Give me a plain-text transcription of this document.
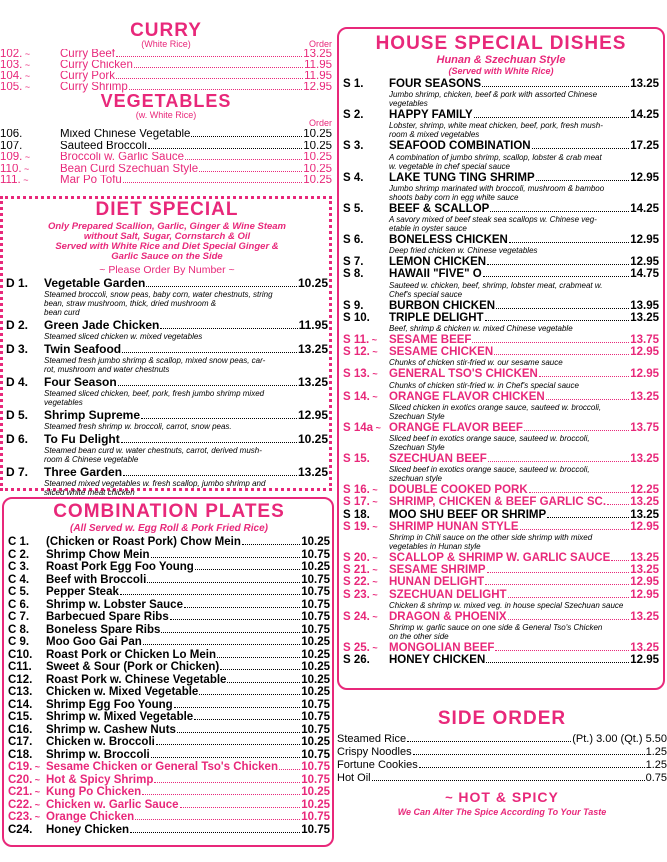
CURRY
(White Rice)	Order
102. ~	Curry Beef	13.25
103. ~	Curry Chicken	11.95
104. ~	Curry Pork	11.95
105. ~	Curry Shrimp	12.95
VEGETABLES
(w. White Rice)
Order
106.	Mixed Chinese Vegetable	10.25
107.	Sauteed Broccoli	10.25
109. ~	Broccoli w. Garlic Sauce	10.25
110. ~	Bean Curd Szechuan Style	10.25
111. ~	Mar Po Tofu	10.25
DIET SPECIAL
Only Prepared Scallion, Garlic, Ginger & Wine Steam
without Salt, Sugar, Cornstarch & Oil
Served with White Rice and Diet Special Ginger &
Garlic Sauce on the Side
~ Please Order By Number ~
D 1.	Vegetable Garden	10.25
Steamed broccoli, snow peas, baby corn, water chestnuts, string
bean, straw mushroom, thick, dried mushroom &
bean curd
D 2.	Green Jade Chicken	11.95
Steamed sliced chicken w. mixed vegetables
D 3.	Twin Seafood	13.25
Steamed fresh jumbo shrimp & scallop, mixed snow peas, car-
rot, mushroom and water chestnuts
D 4.	Four Season	13.25
Steamed sliced chicken, beef, pork, fresh jumbo shrimp mixed
vegetables
D 5.	Shrimp Supreme	12.95
Steamed fresh shrimp w. broccoli, carrot, snow peas.
D 6.	To Fu Delight	10.25
Steamed bean curd w. water chestnuts, carrot, derived mush-
room & Chinese vegetable
D 7.	Three Garden	13.25
Steamed mixed vegetables w. fresh scallop, jumbo shrimp and
sliced white meat chicken
COMBINATION PLATES
(All Served w. Egg Roll & Pork Fried Rice)
C 1.	(Chicken or Roast Pork) Chow Mein	10.25
C 2.	Shrimp Chow Mein	10.75
C 3.	Roast Pork Egg Foo Young	10.25
C 4.	Beef with Broccoli	10.75
C 5.	Pepper Steak	10.75
C 6.	Shrimp w. Lobster Sauce	10.75
C 7.	Barbecued Spare Ribs	10.75
C 8.	Boneless Spare Ribs	10.75
C 9.	Moo Goo Gai Pan	10.25
C10.	Roast Pork or Chicken Lo Mein	10.25
C11.	Sweet & Sour (Pork or Chicken)	10.25
C12.	Roast Pork w. Chinese Vegetable	10.25
C13.	Chicken w. Mixed Vegetable	10.25
C14.	Shrimp Egg Foo Young	10.75
C15.	Shrimp w. Mixed Vegetable	10.75
C16.	Shrimp w. Cashew Nuts	10.75
C17.	Chicken w. Broccoli	10.25
C18.	Shrimp w. Broccoli	10.75
C19. ~ Sesame Chicken or General Tso's Chicken 10.75
C20. ~ Hot & Spicy Shrimp	10.75
C21. ~ Kung Po Chicken	10.25
C22. ~ Chicken w. Garlic Sauce	10.25
C23. ~ Orange Chicken	10.75
C24.	Honey Chicken	10.75
HOUSE SPECIAL DISHES
Hunan & Szechuan Style
(Served with White Rice)
S 1.	FOUR SEASONS	13.25
Jumbo shrimp, chicken, beef & pork with assorted Chinese
vegetables
S 2.	HAPPY FAMILY	14.25
Lobster, shrimp, white meat chicken, beef, pork, fresh mush-
room & mixed vegetables
S 3.	SEAFOOD COMBINATION	17.25
A combination of jumbo shrimp, scallop, lobster & crab meat
w. vegetable in chef special sauce
S 4.	LAKE TUNG TING SHRIMP	12.95
Jumbo shrimp marinated with broccoli, mushroom & bamboo
shoots baby corn in egg white sauce
S 5.	BEEF & SCALLOP	14.25
A savory mixed of beef steak sea scallops w. Chinese veg-
etable in oyster sauce
S 6.	BONELESS CHICKEN	12.95
Deep fried chicken w. Chinese vegetables
S 7.	LEMON CHICKEN	12.95
S 8.	HAWAII "FIVE" O	14.75
Sauteed w. chicken, beef, shrimp, lobster meat, crabmeat w.
Chef's special sauce
S 9.	BURBON CHICKEN	13.95
S 10.	TRIPLE DELIGHT	13.25
Beef, shrimp & chicken w. mixed Chinese vegetable
S 11. ~	SESAME BEEF	13.75
S 12. ~ SESAME CHICKEN	12.95
Chunks of chicken stir-fried w. our sesame sauce
S 13. ~ GENERAL TSO'S CHICKEN	12.95
Chunks of chicken stir-fried w. in Chef's special sauce
S 14. ~ ORANGE FLAVOR CHICKEN	13.25
Sliced chicken in exotics orange sauce, sauteed w. broccoli,
Szechuan Style
S 14a ~ ORANGE FLAVOR BEEF	13.75
Sliced beef in exotics orange sauce, sauteed w. broccoli,
Szechuan Style
S 15.	SZECHUAN BEEF	13.25
Sliced beef in exotics orange sauce, sauteed w. broccoli,
szechuan style
S 16. ~ DOUBLE COOKED PORK	12.25
S 17. ~ SHRIMP, CHICKEN & BEEF GARLIC SC. 13.25
S 18.	MOO SHU BEEF OR SHRIMP	13.25
S 19. ~ SHRIMP HUNAN STYLE	12.95
Shrimp in Chili sauce on the other side shrimp with mixed
vegetables in Hunan style
S 20. ~ SCALLOP & SHRIMP W. GARLIC SAUCE 13.25
S 21. ~ SESAME SHRIMP	13.25
S 22. ~ HUNAN DELIGHT	12.95
S 23. ~ SZECHUAN DELIGHT	12.95
Chicken & shrimp w. mixed veg. in house special Szechuan sauce
S 24. ~ DRAGON & PHOENIX	13.25
Shrimp w. garlic sauce on one side & General Tso's Chicken
on the other side
S 25. ~ MONGOLIAN BEEF	13.25
S 26.	HONEY CHICKEN	12.95
SIDE ORDER
Steamed Rice	(Pt.) 3.00 (Qt.) 5.50
Crispy Noodles	1.25
Fortune Cookies	1.25
Hot Oil	0.75
~ HOT & SPICY
We Can Alter The Spice According To Your Taste
